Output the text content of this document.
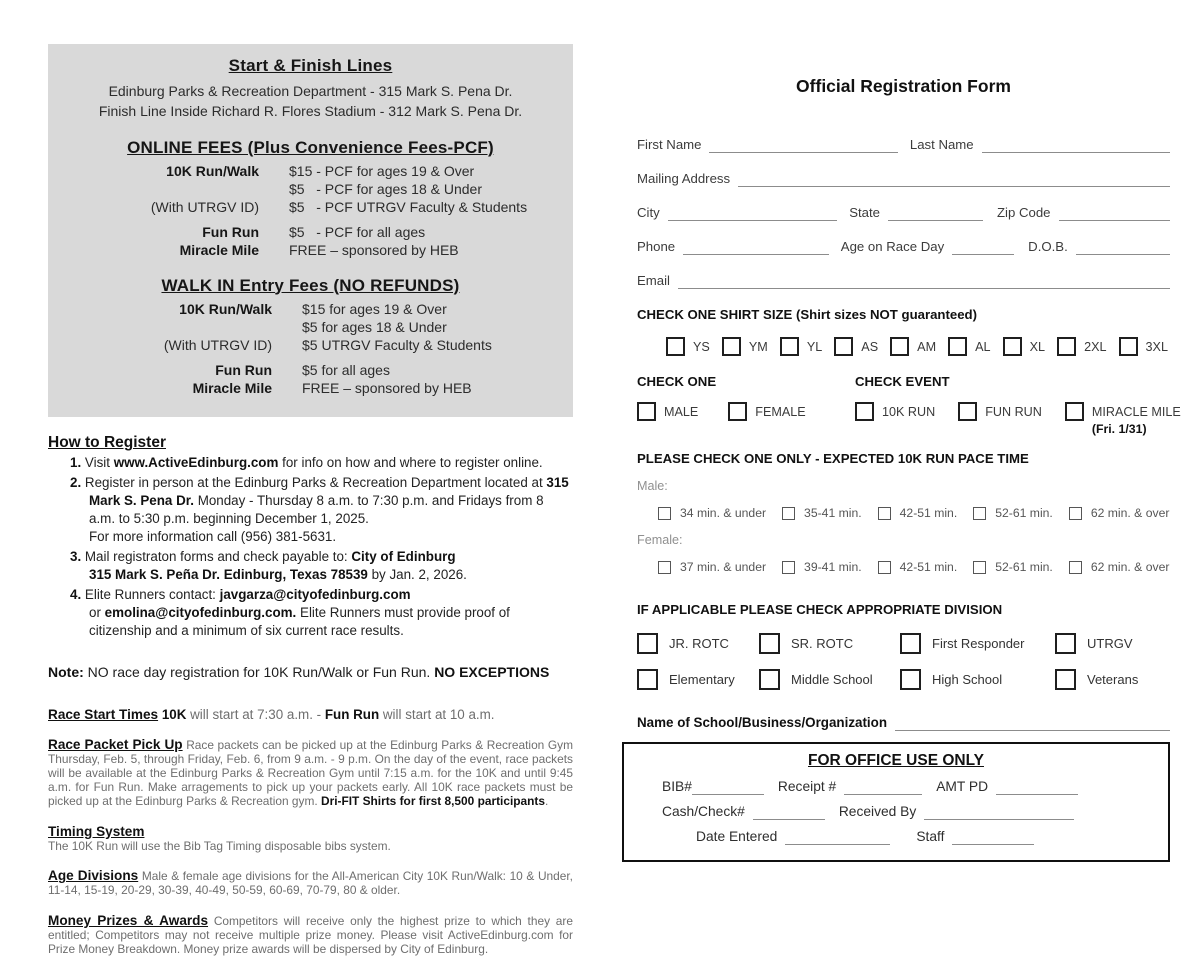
Start & Finish Lines
Edinburg Parks & Recreation Department - 315 Mark S. Pena Dr.
Finish Line Inside Richard R. Flores Stadium - 312 Mark S. Pena Dr.
ONLINE FEES (Plus Convenience Fees-PCF)
10K Run/Walk $15 - PCF for ages 19 & Over
$5   - PCF for ages 18 & Under
(With UTRGV ID) $5   - PCF UTRGV Faculty & Students
Fun Run $5   - PCF for all ages
Miracle Mile FREE – sponsored by HEB
WALK IN Entry Fees (NO REFUNDS)
10K Run/Walk $15 for ages 19 & Over
$5 for ages 18 & Under
(With UTRGV ID) $5 UTRGV Faculty & Students
Fun Run $5 for all ages
Miracle Mile FREE – sponsored by HEB
How to Register
1. Visit www.ActiveEdinburg.com for info on how and where to register online.
2. Register in person at the Edinburg Parks & Recreation Department located at 315 Mark S. Pena Dr. Monday - Thursday 8 a.m. to 7:30 p.m. and Fridays from 8 a.m. to 5:30 p.m. beginning December 1, 2025.
For more information call (956) 381-5631.
3. Mail registraton forms and check payable to: City of Edinburg
315 Mark S. Peña Dr. Edinburg, Texas 78539 by Jan. 2, 2026.
4. Elite Runners contact: javgarza@cityofedinburg.com
or emolina@cityofedinburg.com. Elite Runners must provide proof of citizenship and a minimum of six current race results.
Note: NO race day registration for 10K Run/Walk or Fun Run. NO EXCEPTIONS
Race Start Times 10K will start at 7:30 a.m. - Fun Run will start at 10 a.m.
Race Packet Pick Up Race packets can be picked up at the Edinburg Parks & Recreation Gym Thursday, Feb. 5, through Friday, Feb. 6, from 9 a.m. - 9 p.m. On the day of the event, race packets will be available at the Edinburg Parks & Recreation Gym until 7:15 a.m. for the 10K and until 9:45 a.m. for Fun Run. Make arragements to pick up your packets early. All 10K race packets must be picked up at the Edinburg Parks & Recreation gym. Dri-FIT Shirts for first 8,500 participants.
Timing System
The 10K Run will use the Bib Tag Timing disposable bibs system.
Age Divisions Male & female age divisions for the All-American City 10K Run/Walk: 10 & Under, 11-14, 15-19, 20-29, 30-39, 40-49, 50-59, 60-69, 70-79, 80 & older.
Money Prizes & Awards Competitors will receive only the highest prize to which they are entitled; Competitors may not receive multiple prize money. Please visit ActiveEdinburg.com for Prize Money Breakdown. Money prize awards will be dispersed by City of Edinburg.
Official Registration Form
First Name	Last Name
Mailing Address
City	State	Zip Code
Phone	Age on Race Day	D.O.B.
Email
CHECK ONE SHIRT SIZE (Shirt sizes NOT guaranteed)
YS	YM	YL	AS	AM	AL	XL	2XL	3XL
CHECK ONE
MALE	FEMALE
CHECK EVENT
10K RUN	FUN RUN	MIRACLE MILE
(Fri. 1/31)
PLEASE CHECK ONE ONLY - EXPECTED 10K RUN PACE TIME
Male:
34 min. & under	35-41 min.	42-51 min.	52-61 min.	62 min. & over
Female:
37 min. & under	39-41 min.	42-51 min.	52-61 min.	62 min. & over
IF APPLICABLE PLEASE CHECK APPROPRIATE DIVISION
JR. ROTC	SR. ROTC	First Responder	UTRGV
Elementary	Middle School	High School	Veterans
Name of School/Business/Organization
FOR OFFICE USE ONLY
BIB#	Receipt #	AMT PD
Cash/Check#	Received By
Date Entered	Staff
